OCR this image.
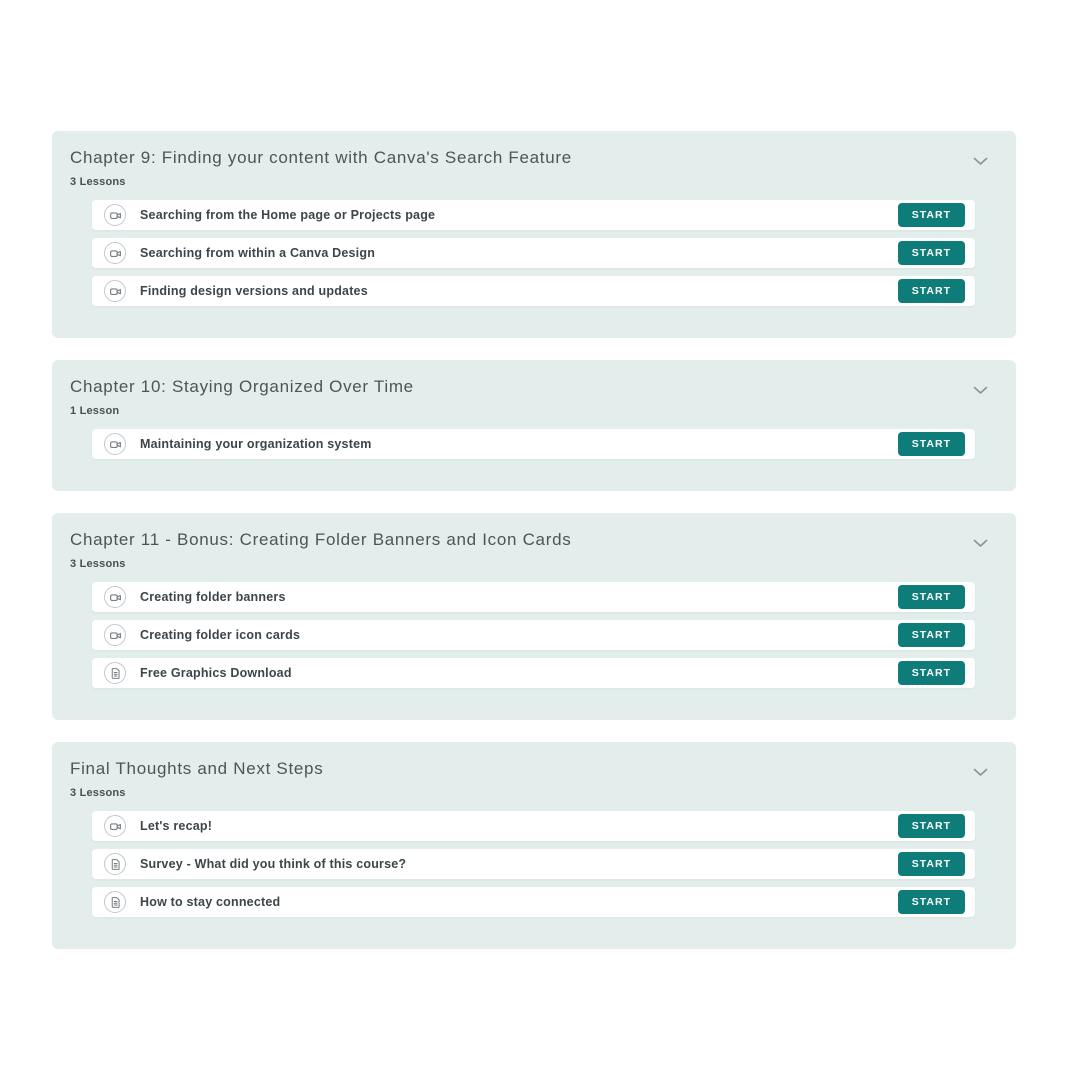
Chapter 9: Finding your content with Canva's Search Feature
3 Lessons
Searching from the Home page or Projects page	START
Searching from within a Canva Design	START
Finding design versions and updates	START
Chapter 10: Staying Organized Over Time
1 Lesson
Maintaining your organization system	START
Chapter 11 - Bonus: Creating Folder Banners and Icon Cards
3 Lessons
Creating folder banners	START
Creating folder icon cards	START
Free Graphics Download	START
Final Thoughts and Next Steps
3 Lessons
Let's recap!	START
Survey - What did you think of this course?	START
How to stay connected	START
